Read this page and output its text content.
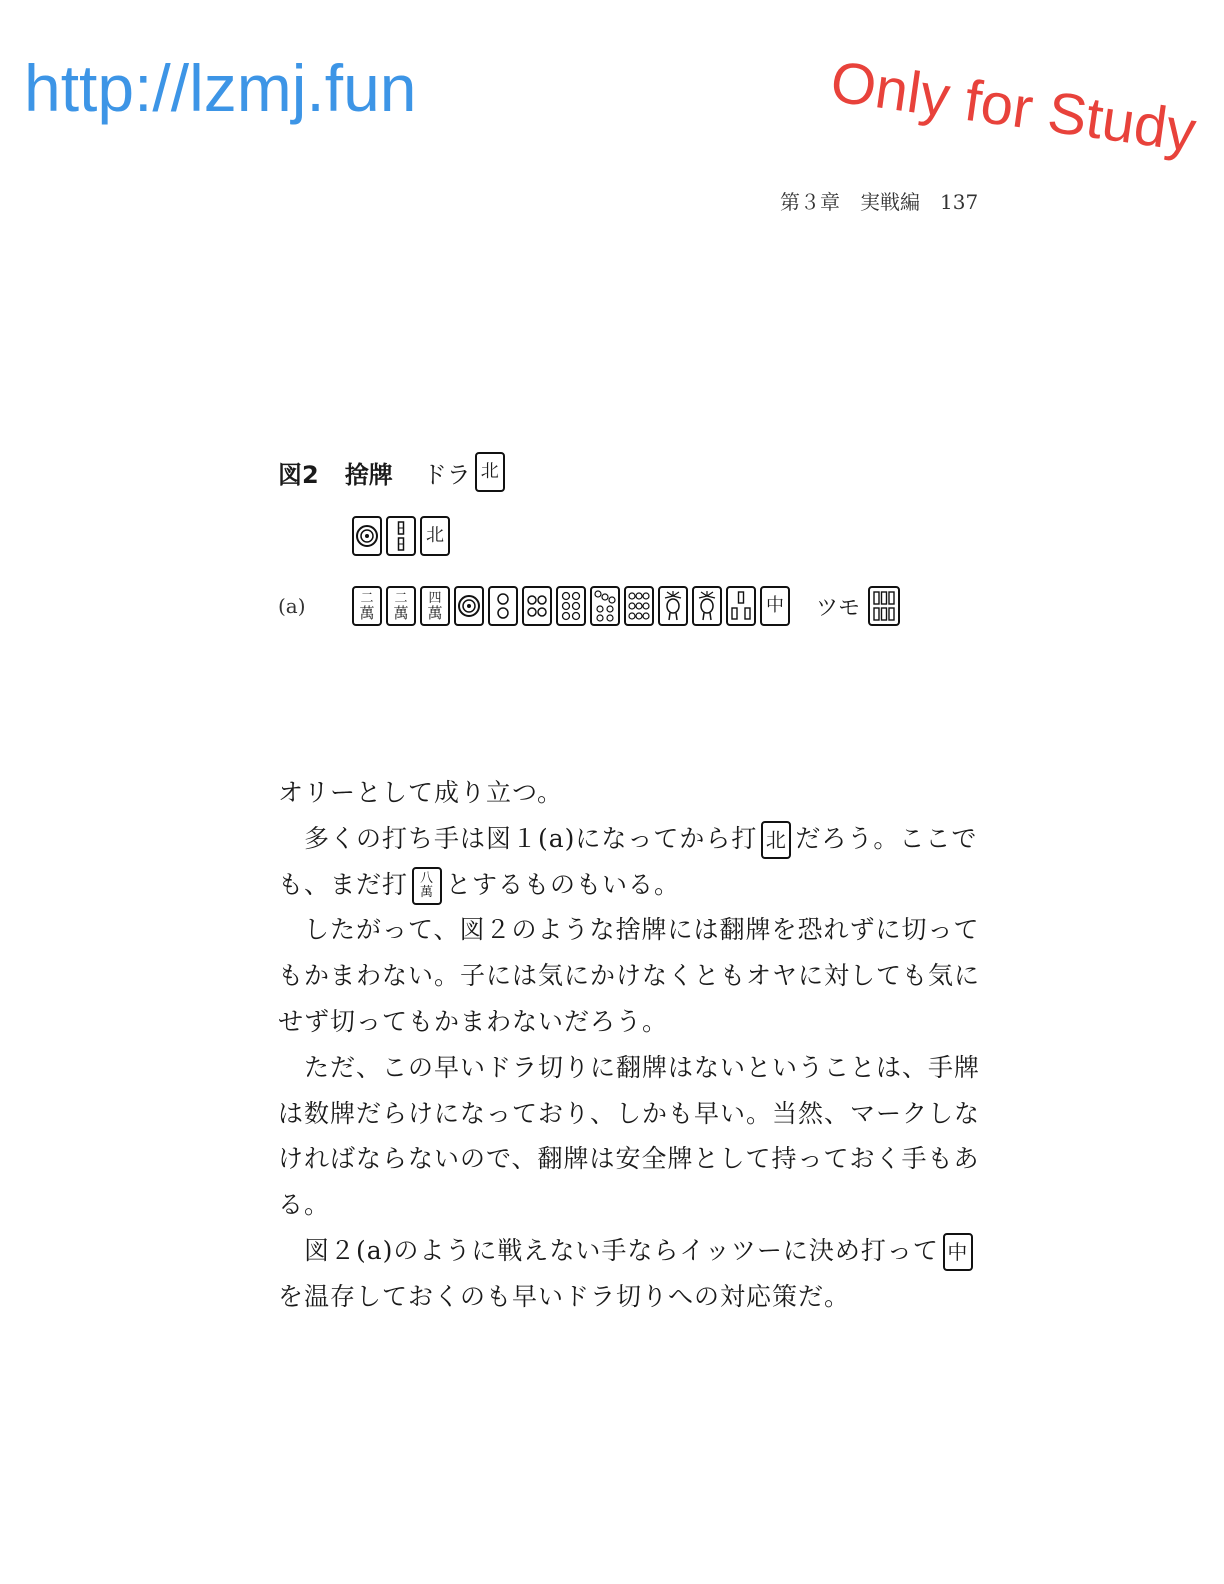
http://lzmj.fun	Only for Study
第３章　実戦編　137
図2 捨牌 ドラ 北
北
(a)	二
萬
二
萬
四
萬	中 ツモ

オリーとして成り立つ。

多くの打ち手は図１(a)になってから打 北 だろう。ここでも、まだ打 八
萬 とするものもいる。

したがって、図２のような捨牌には翻牌を恐れずに切ってもかまわない。子には気にかけなくともオヤに対しても気にせず切ってもかまわないだろう。

ただ、この早いドラ切りに翻牌はないということは、手牌は数牌だらけになっており、しかも早い。当然、マークしなければならないので、翻牌は安全牌として持っておく手もある。

図２(a)のように戦えない手ならイッツーに決め打って 中を温存しておくのも早いドラ切りへの対応策だ。
